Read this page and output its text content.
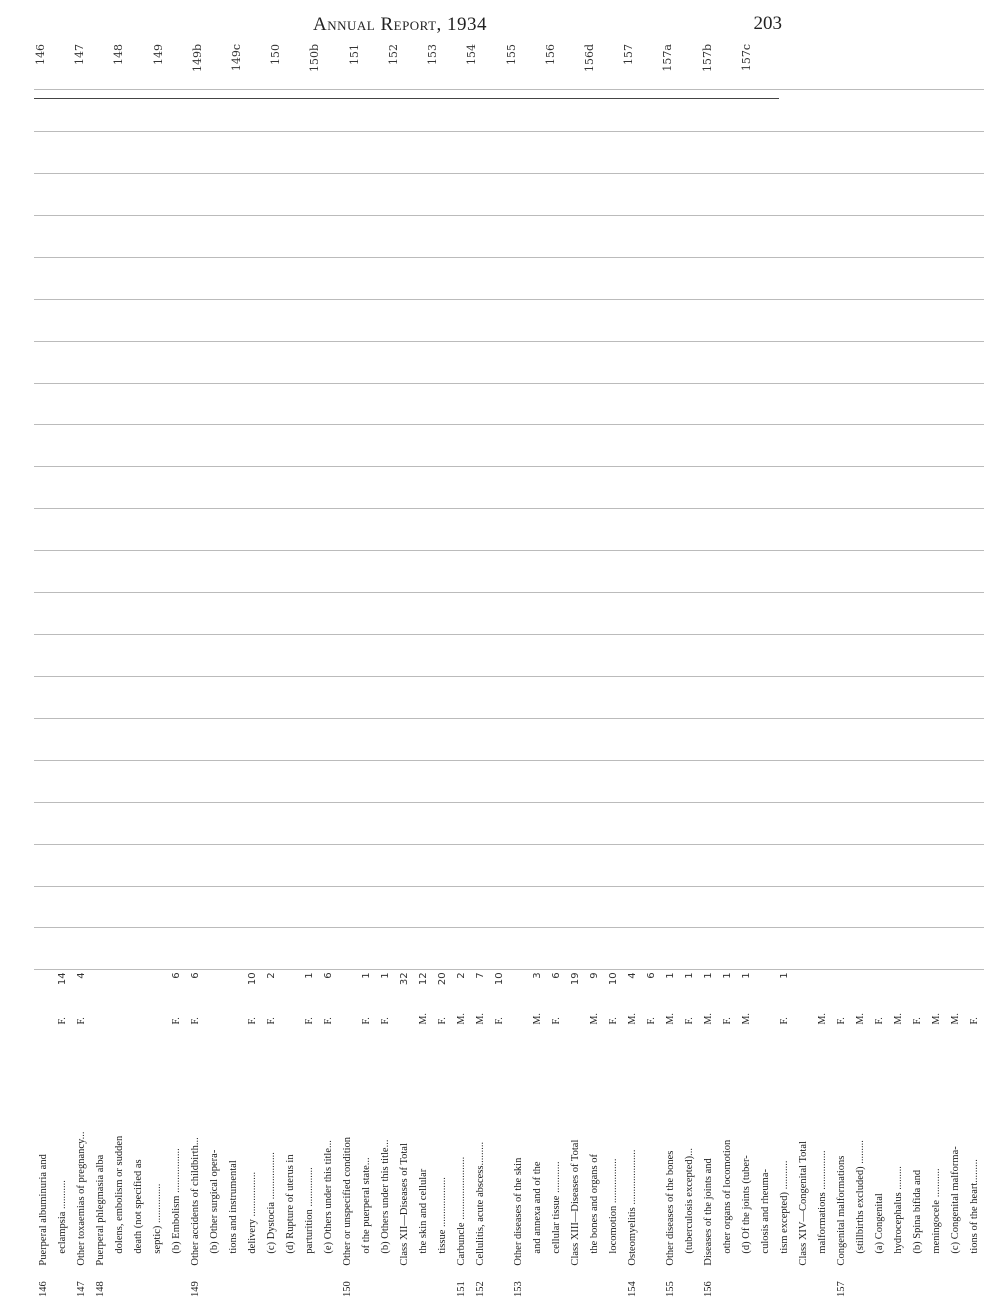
Annual Report, 1934	203
146	Puerperal albuminuria and																							
	eclampsia ...........	F.	14																					
147	Other toxaemias of pregnancy...	F.	4																					
148	Puerperal phlegmasia alba																							
	dolens, embolism or sudden																							
	death (not specified as																							
	septic) ...............																							
	(b) Embolism .................	F.	6																					
149	Other accidents of childbirth...	F.	6																					
	(b) Other surgical opera-																							
	tions and instrumental																							
	delivery .................	F.	10																					
	(c) Dystocia ..................	F.	2																					
	(d) Rupture of uterus in																							
	parturition ...............	F.	1																					
	(e) Others under this title...	F.	6																					
150	Other or unspecified condition																							
	of the puerperal state...	F.	1																					
	(b) Others under this title...	F.	1																					
	Class XII—Diseases of Total		32																					
	the skin and cellular	M.	12																					
	tissue ...................	F.	20																					
151	Carbuncle ........................	M.	2																					
152	Cellulitis, acute abscess.........	M.	7																					
		F.	10																					
153	Other diseases of the skin																							
	and annexa and of the	M.	3																					
	cellular tissue ............	F.	6																					
	Class XIII—Diseases of Total		19																					
	the bones and organs of	M.	9																					
	locomotion .................	F.	10																					
154	Osteomyelitis .....................	M.	4																					
		F.	6																					
155	Other diseases of the bones	M.	1																					
	(tuberculosis excepted)...	F.	1																					
156	Diseases of the joints and	M.	1																					
	other organs of locomotion	F.	1																					
	(d) Of the joints (tuber-	M.	1																					
	culosis and rheuma-																							
	tism excepted) ...........	F.	1																					
	Class XIV—Congenital Total																							
	malformations ...............	M.																						
157	Congenital malformations	F.																						
	(stillbirths excluded) .........	M.																						
	(a) Congenital	F.																						
	hydrocephalus .........	M.																						
	(b) Spina bifida and	F.																						
	meningocele ...........	M.																						
	(c) Congenital malforma-	M.																						
	tions of the heart.........	F.																						
146 147 148 149 149b 149c 150 150b 151 152 153 154 155 156 156d 157 157a 157b 157c
